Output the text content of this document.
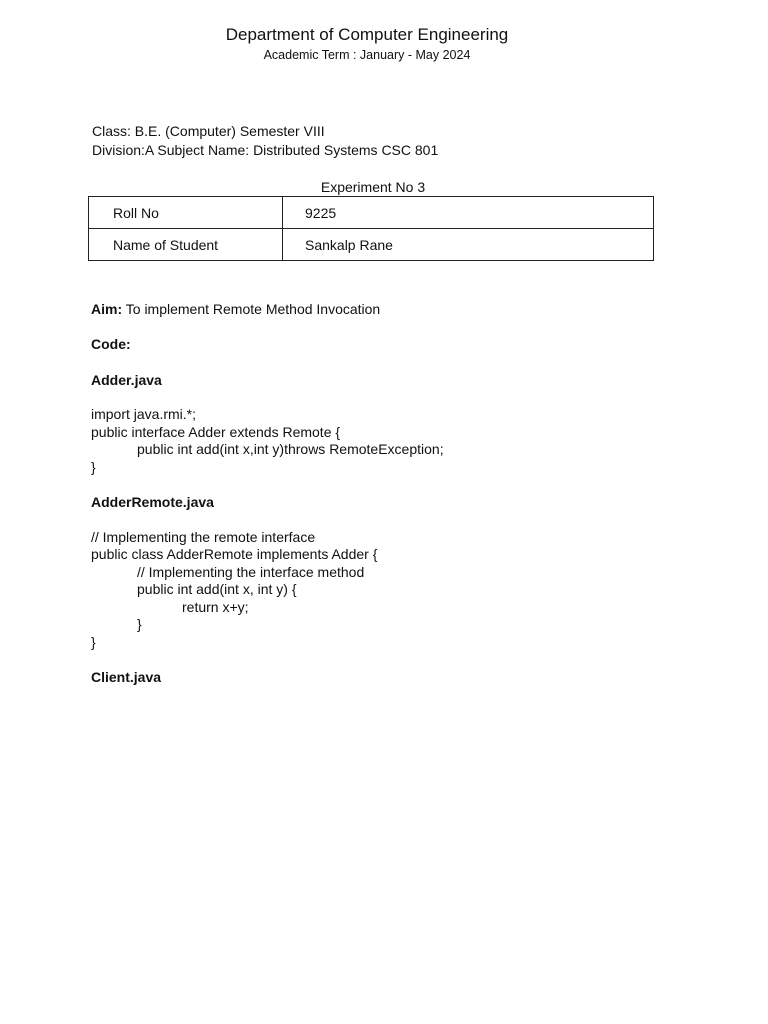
Department of Computer Engineering
Academic Term : January - May 2024
Class: B.E. (Computer) Semester VIII
Division:A Subject Name: Distributed Systems CSC 801
Experiment No 3
Roll No	9225
Name of Student	Sankalp Rane
Aim: To implement Remote Method Invocation
Code:
Adder.java
import java.rmi.*;
public interface Adder extends Remote {
public int add(int x,int y)throws RemoteException;
}
AdderRemote.java
// Implementing the remote interface
public class AdderRemote implements Adder {
// Implementing the interface method
public int add(int x, int y) {
return x+y;
}
}
Client.java
